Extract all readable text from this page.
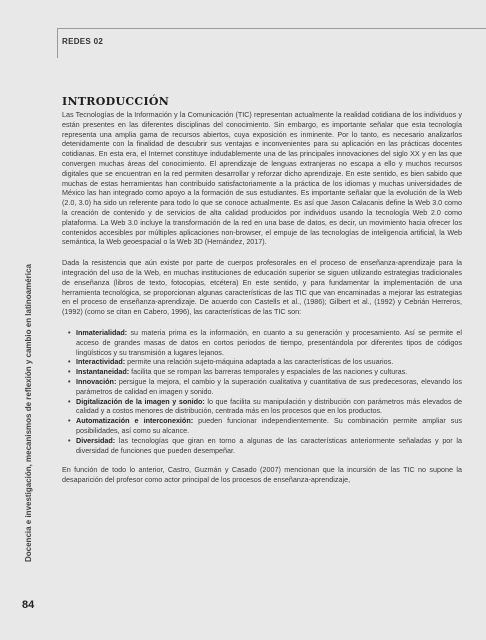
REDES 02
Docencia e investigación, mecanismos de reflexión y cambio en latinoamérica
INTRODUCCIÓN

Las Tecnologías de la Información y la Comunicación (TIC) representan actualmente la realidad cotidiana de los individuos y están presentes en las diferentes disciplinas del conocimiento. Sin embargo, es importante señalar que esta tecnología representa una amplia gama de recursos abiertos, cuya exposición es inminente. Por lo tanto, es necesario analizarlos detenidamente con la finalidad de descubrir sus ventajas e inconvenientes para su aplicación en las prácticas docentes cotidianas. En esta era, el Internet constituye indudablemente una de las principales innovaciones del siglo XX y en las que convergen muchas áreas del conocimiento. El aprendizaje de lenguas extranjeras no escapa a ello y muchos recursos digitales que se encuentran en la red permiten desarrollar y reforzar dicho aprendizaje. En este sentido, es bien sabido que muchas de estas herramientas han contribuido satisfactoriamente a la práctica de los idiomas y muchas universidades de México las han integrado como apoyo a la formación de sus estudiantes. Es importante señalar que la evolución de la Web (2.0, 3.0) ha sido un referente para todo lo que se conoce actualmente. Es así que Jason Calacanis define la Web 3.0 como la creación de contenido y de servicios de alta calidad producidos por individuos usando la tecnología Web 2.0 como plataforma. La Web 3.0 incluye la transformación de la red en una base de datos, es decir, un movimiento hacia ofrecer los contenidos accesibles por múltiples aplicaciones non-browser, el empuje de las tecnologías de inteligencia artificial, la Web semántica, la Web geoespacial o la Web 3D (Hernández, 2017).

Dada la resistencia que aún existe por parte de cuerpos profesorales en el proceso de enseñanza-aprendizaje para la integración del uso de la Web, en muchas instituciones de educación superior se siguen utilizando estrategias tradicionales de enseñanza (libros de texto, fotocopias, etcétera) En este sentido, y para fundamentar la implementación de una herramienta tecnológica, se proporcionan algunas características de las TIC que van encaminadas a mejorar las estrategias en el proceso de enseñanza-aprendizaje. De acuerdo con Castells et al., (1986); Gilbert et al., (1992) y Cebrián Herreros, (1992) (como se citan en Cabero, 1996), las características de las TIC son:

• Inmaterialidad: su materia prima es la información, en cuanto a su generación y procesamiento. Así se permite el acceso de grandes masas de datos en cortos periodos de tiempo, presentándola por diferentes tipos de códigos lingüísticos y su transmisión a lugares lejanos.
• Interactividad: permite una relación sujeto-máquina adaptada a las características de los usuarios.
• Instantaneidad: facilita que se rompan las barreras temporales y espaciales de las naciones y culturas.
• Innovación: persigue la mejora, el cambio y la superación cualitativa y cuantitativa de sus predecesoras, elevando los parámetros de calidad en imagen y sonido.
• Digitalización de la imagen y sonido: lo que facilita su manipulación y distribución con parámetros más elevados de calidad y a costos menores de distribución, centrada más en los procesos que en los productos.
• Automatización e interconexión: pueden funcionar independientemente. Su combinación permite ampliar sus posibilidades, así como su alcance.
• Diversidad: las tecnologías que giran en torno a algunas de las características anteriormente señaladas y por la diversidad de funciones que pueden desempeñar.

En función de todo lo anterior, Castro, Guzmán y Casado (2007) mencionan que la incursión de las TIC no supone la desaparición del profesor como actor principal de los procesos de enseñanza-aprendizaje,

84
